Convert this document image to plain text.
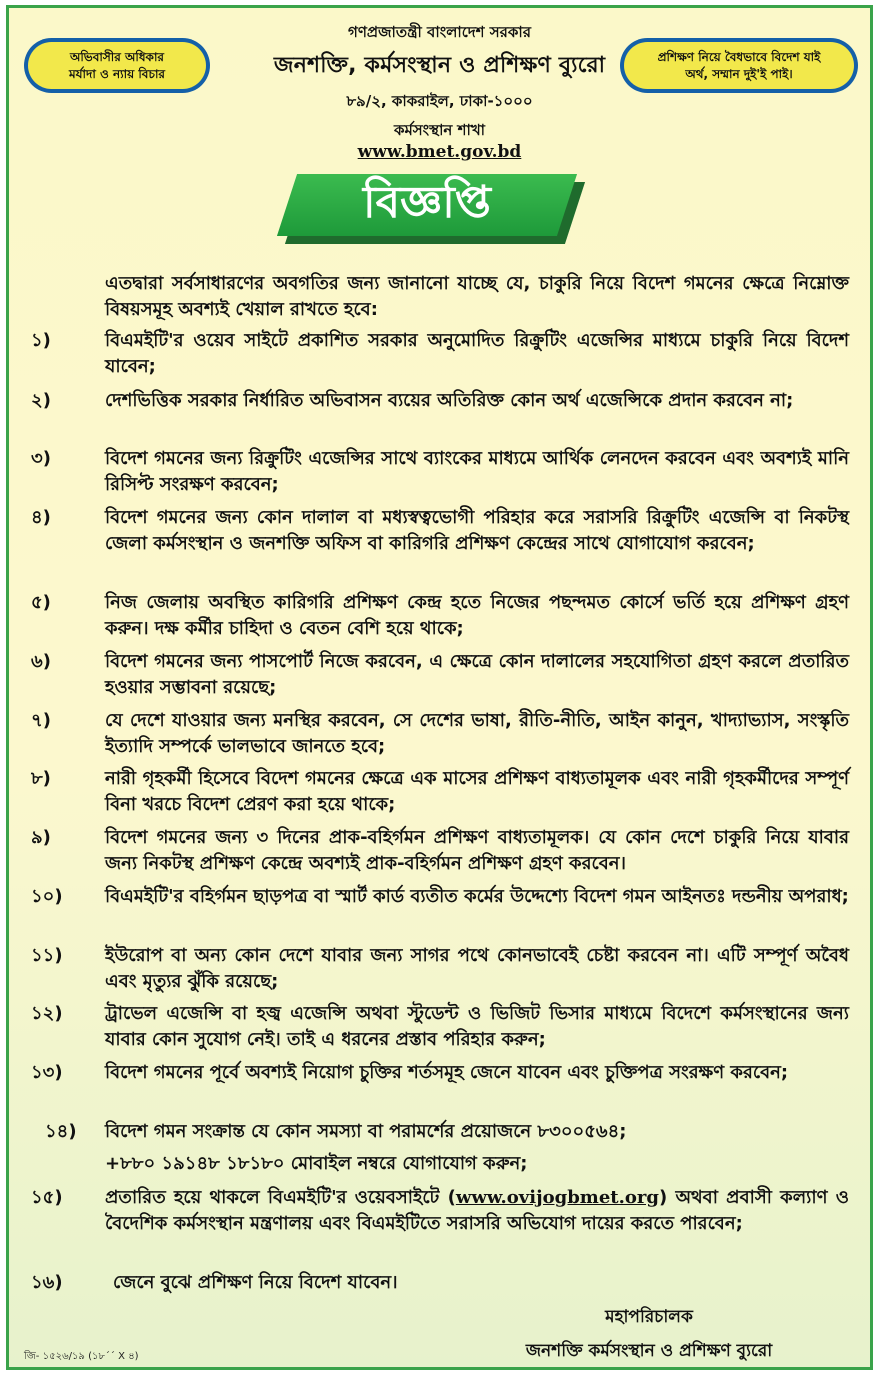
অভিবাসীর অধিকার
মর্যাদা ও ন্যায় বিচার
প্রশিক্ষণ নিয়ে বৈধভাবে বিদেশ যাই
অর্থ, সম্মান দুই'ই পাই।
গণপ্রজাতন্ত্রী বাংলাদেশ সরকার
জনশক্তি, কর্মসংস্থান ও প্রশিক্ষণ ব্যুরো
৮৯/২, কাকরাইল, ঢাকা-১০০০
কর্মসংস্থান শাখা
www.bmet.gov.bd
বিজ্ঞপ্তি
এতদ্বারা সর্বসাধারণের অবগতির জন্য জানানো যাচ্ছে যে, চাকুরি নিয়ে বিদেশ গমনের ক্ষেত্রে নিম্নোক্ত বিষয়সমূহ অবশ্যই খেয়াল রাখতে হবে:
১)	বিএমইটি'র ওয়েব সাইটে প্রকাশিত সরকার অনুমোদিত রিক্রুটিং এজেন্সির মাধ্যমে চাকুরি নিয়ে বিদেশ যাবেন;
২)	দেশভিত্তিক সরকার নির্ধারিত অভিবাসন ব্যয়ের অতিরিক্ত কোন অর্থ এজেন্সিকে প্রদান করবেন না;
৩)	বিদেশ গমনের জন্য রিক্রুটিং এজেন্সির সাথে ব্যাংকের মাধ্যমে আর্থিক লেনদেন করবেন এবং অবশ্যই মানি রিসিপ্ট সংরক্ষণ করবেন;
৪)	বিদেশ গমনের জন্য কোন দালাল বা মধ্যস্বত্বভোগী পরিহার করে সরাসরি রিক্রুটিং এজেন্সি বা নিকটস্থ জেলা কর্মসংস্থান ও জনশক্তি অফিস বা কারিগরি প্রশিক্ষণ কেন্দ্রের সাথে যোগাযোগ করবেন;
৫)	নিজ জেলায় অবস্থিত কারিগরি প্রশিক্ষণ কেন্দ্র হতে নিজের পছন্দমত কোর্সে ভর্তি হয়ে প্রশিক্ষণ গ্রহণ করুন। দক্ষ কর্মীর চাহিদা ও বেতন বেশি হয়ে থাকে;
৬)	বিদেশ গমনের জন্য পাসপোর্ট নিজে করবেন, এ ক্ষেত্রে কোন দালালের সহযোগিতা গ্রহণ করলে প্রতারিত হওয়ার সম্ভাবনা রয়েছে;
৭)	যে দেশে যাওয়ার জন্য মনস্থির করবেন, সে দেশের ভাষা, রীতি-নীতি, আইন কানুন, খাদ্যাভ্যাস, সংস্কৃতি ইত্যাদি সম্পর্কে ভালভাবে জানতে হবে;
৮)	নারী গৃহকর্মী হিসেবে বিদেশ গমনের ক্ষেত্রে এক মাসের প্রশিক্ষণ বাধ্যতামূলক এবং নারী গৃহকর্মীদের সম্পূর্ণ বিনা খরচে বিদেশ প্রেরণ করা হয়ে থাকে;
৯)	বিদেশ গমনের জন্য ৩ দিনের প্রাক-বহির্গমন প্রশিক্ষণ বাধ্যতামূলক। যে কোন দেশে চাকুরি নিয়ে যাবার জন্য নিকটস্থ প্রশিক্ষণ কেন্দ্রে অবশ্যই প্রাক-বহির্গমন প্রশিক্ষণ গ্রহণ করবেন।
১০)	বিএমইটি'র বহির্গমন ছাড়পত্র বা স্মার্ট কার্ড ব্যতীত কর্মের উদ্দেশ্যে বিদেশ গমন আইনতঃ দন্ডনীয় অপরাধ;
১১)	ইউরোপ বা অন্য কোন দেশে যাবার জন্য সাগর পথে কোনভাবেই চেষ্টা করবেন না। এটি সম্পূর্ণ অবৈধ এবং মৃত্যুর ঝুঁকি রয়েছে;
১২)	ট্রাভেল এজেন্সি বা হজ্ব এজেন্সি অথবা স্টুডেন্ট ও ভিজিট ভিসার মাধ্যমে বিদেশে কর্মসংস্থানের জন্য যাবার কোন সুযোগ নেই। তাই এ ধরনের প্রস্তাব পরিহার করুন;
১৩)	বিদেশ গমনের পূর্বে অবশ্যই নিয়োগ চুক্তির শর্তসমূহ জেনে যাবেন এবং চুক্তিপত্র সংরক্ষণ করবেন;
১৪)	বিদেশ গমন সংক্রান্ত যে কোন সমস্যা বা পরামর্শের প্রয়োজনে ৮৩০০৫৬৪;
+৮৮০ ১৯১৪৮ ১৮১৮০ মোবাইল নম্বরে যোগাযোগ করুন;
১৫)	প্রতারিত হয়ে থাকলে বিএমইটি'র ওয়েবসাইটে (www.ovijogbmet.org) অথবা প্রবাসী কল্যাণ ও বৈদেশিক কর্মসংস্থান মন্ত্রণালয় এবং বিএমইটিতে সরাসরি অভিযোগ দায়ের করতে পারবেন;
১৬)	জেনে বুঝে প্রশিক্ষণ নিয়ে বিদেশ যাবেন।
মহাপরিচালক
জনশক্তি কর্মসংস্থান ও প্রশিক্ষণ ব্যুরো
জি- ১৫২৬/১৯ (১৮´´ X ৪)
